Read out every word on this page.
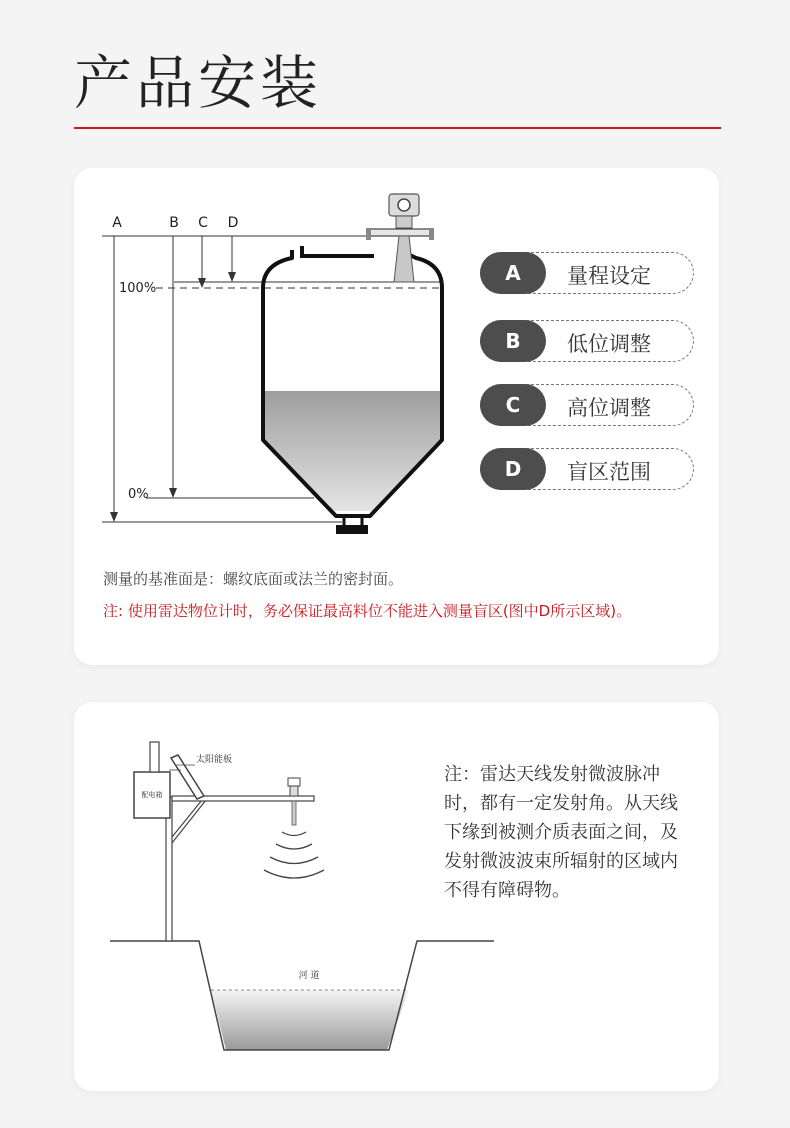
产品安装
A	B C D
0%
100%
A	量程设定
B	低位调整
C	高位调整
D	盲区范围
测量的基准面是：螺纹底面或法兰的密封面。
注: 使用雷达物位计时，务必保证最高料位不能进入测量盲区(图中D所示区域)。
河 道
配电箱
太阳能板
注：雷达天线发射微波脉冲时，都有一定发射角。从天线下缘到被测介质表面之间，及发射微波波束所辐射的区域内不得有障碍物。
